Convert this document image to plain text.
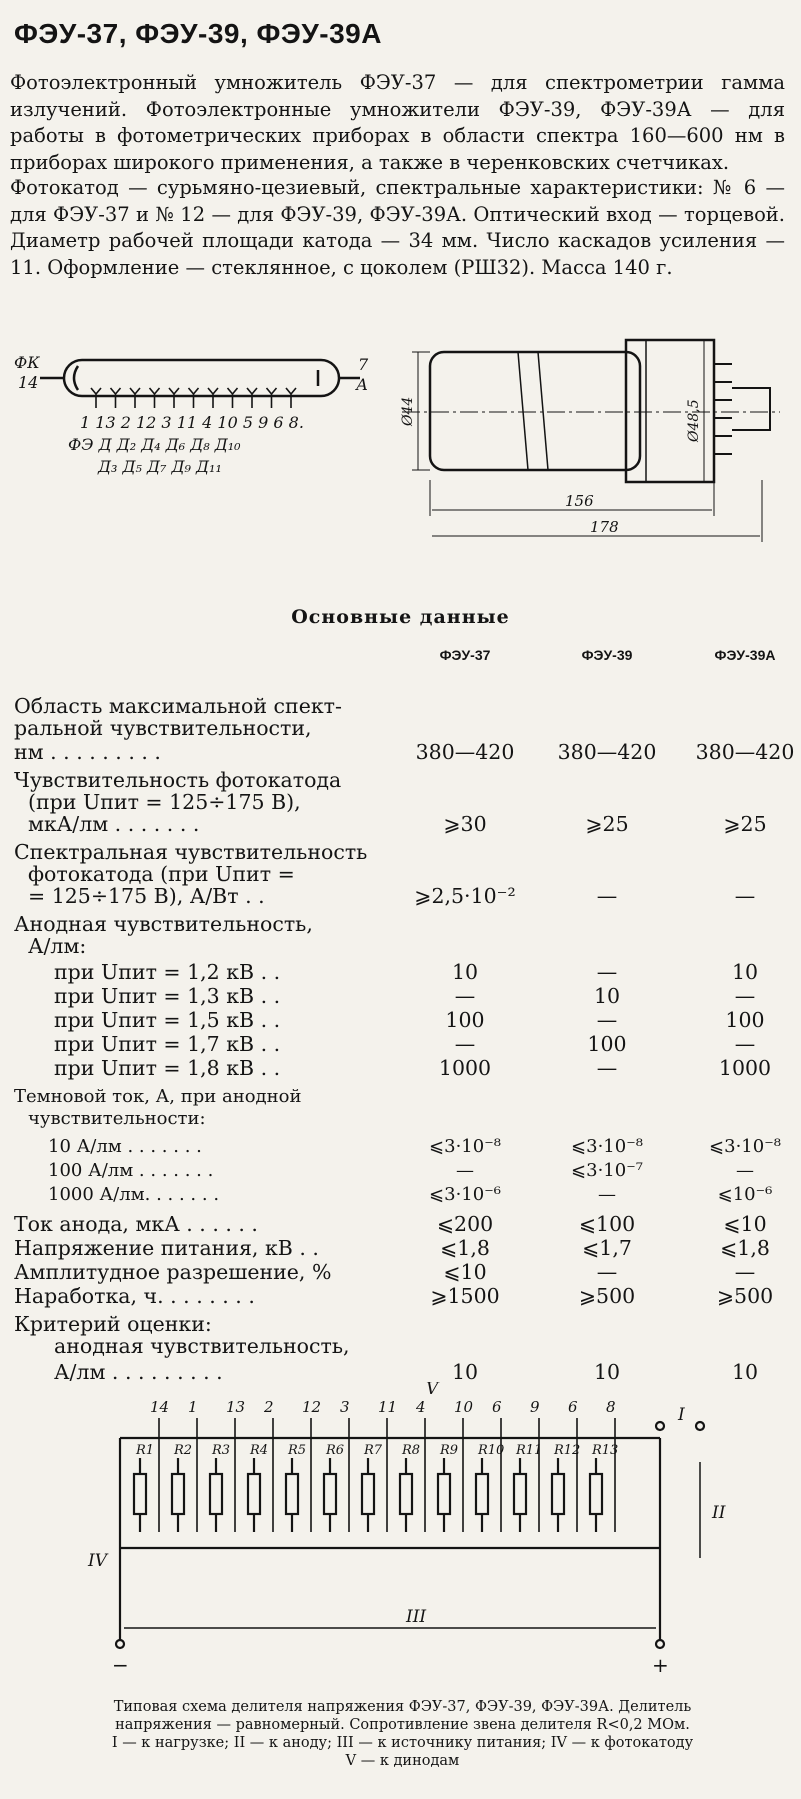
ФЭУ-37, ФЭУ-39, ФЭУ-39А
Фотоэлектронный умножитель ФЭУ-37 — для спектрометрии гамма излучений. Фотоэлектронные умножители ФЭУ-39, ФЭУ-39А — для работы в фотометрических приборах в области спектра 160—600 нм в приборах широкого применения, а также в черенковских счетчиках.
Фотокатод — сурьмяно-цезиевый, спектральные характеристики: № 6 — для ФЭУ-37 и № 12 — для ФЭУ-39, ФЭУ-39А. Оптический вход — торцевой. Диаметр рабочей площади катода — 34 мм. Число каскадов усиления — 11. Оформление — стеклянное, с цоколем (РШ32). Масса 140 г.
ФК
14
7
А
1 13 2 12 3 11 4 10 5 9 6 8.
ФЭ Д Д₂ Д₄ Д₆ Д₈ Д₁₀
Д₃ Д₅ Д₇ Д₉ Д₁₁
Ø44	Ø48,5
156
178
Основные данные
ФЭУ-37	ФЭУ-39	ФЭУ-39А
Область максимальной спект-
ральной чувствительности,
нм . . . . . . . . .	380—420	380—420	380—420
Чувствительность фотокатода
(при Uпит = 125÷175 В),
мкА/лм . . . . . . .	⩾30	⩾25	⩾25
Спектральная чувствительность
фотокатода (при Uпит =
= 125÷175 В), А/Вт . .	⩾2,5·10⁻²	—	—
Анодная чувствительность,
А/лм:
при Uпит = 1,2 кВ . .	10	—	10
при Uпит = 1,3 кВ . .	—	10	—
при Uпит = 1,5 кВ . .	100	—	100
при Uпит = 1,7 кВ . .	—	100	—
при Uпит = 1,8 кВ . .	1000	—	1000
Темновой ток, А, при анодной
чувствительности:
10 А/лм . . . . . . .	⩽3·10⁻⁸	⩽3·10⁻⁸	⩽3·10⁻⁸
100 А/лм . . . . . . .	—	⩽3·10⁻⁷	—
1000 А/лм. . . . . . .	⩽3·10⁻⁶	—	⩽10⁻⁶
Ток анода, мкА . . . . . .	⩽200	⩽100	⩽10
Напряжение питания, кВ . .	⩽1,8	⩽1,7	⩽1,8
Амплитудное разрешение, %	⩽10	—	—
Наработка, ч. . . . . . . .	⩾1500	⩾500	⩾500
Критерий оценки:
анодная чувствительность,
А/лм . . . . . . . . .	10	10	10
R1 R2 R3 R4 R5 R6 R7 R8 R9 R10 R11 R12 R13
14 1 13 2 12 3 11 4 10 6 9 6 8
V
I
II
III
IV
−	+
Типовая схема делителя напряжения ФЭУ-37, ФЭУ-39, ФЭУ-39А. Делитель
напряжения — равномерный. Сопротивление звена делителя R<0,2 МОм.
I — к нагрузке; II — к аноду; III — к источнику питания; IV — к фотокатоду
V — к динодам
